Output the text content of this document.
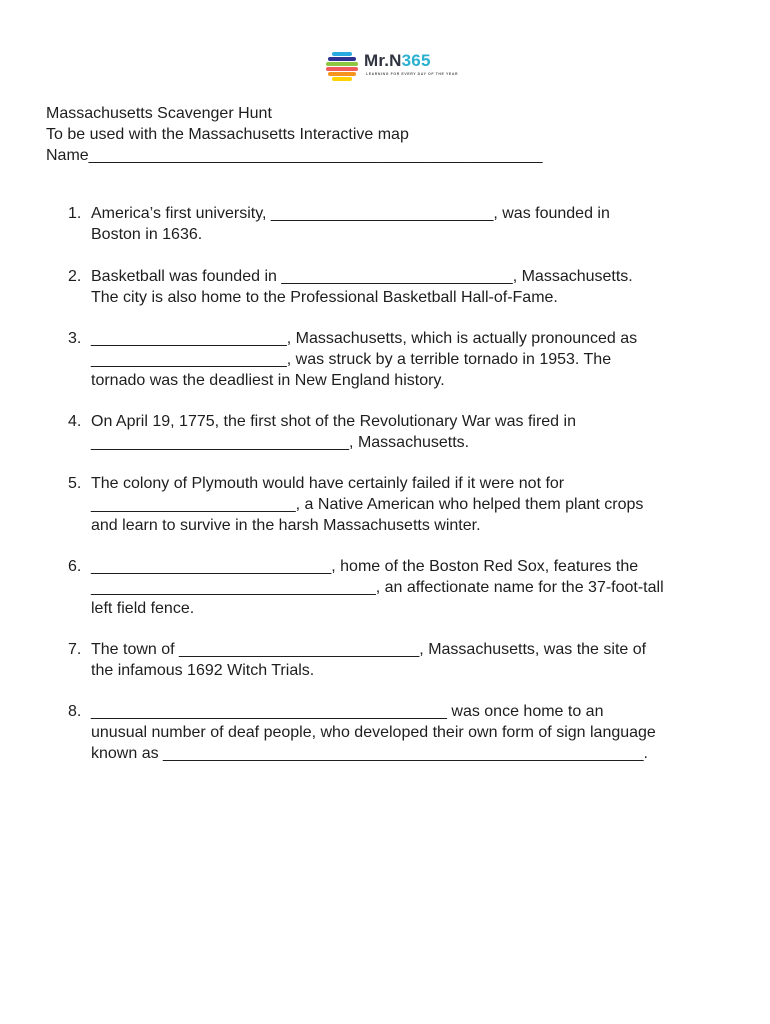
Mr.N365
LEARNING FOR EVERY DAY OF THE YEAR
Massachusetts Scavenger Hunt
To be used with the Massachusetts Interactive map
Name___________________________________________________
1. America’s first university, _________________________, was founded in
Boston in 1636.
2. Basketball was founded in __________________________, Massachusetts.
The city is also home to the Professional Basketball Hall-of-Fame.
3. ______________________, Massachusetts, which is actually pronounced as
______________________, was struck by a terrible tornado in 1953. The
tornado was the deadliest in New England history.
4. On April 19, 1775, the first shot of the Revolutionary War was fired in
_____________________________, Massachusetts.
5. The colony of Plymouth would have certainly failed if it were not for
_______________________, a Native American who helped them plant crops
and learn to survive in the harsh Massachusetts winter.
6. ___________________________, home of the Boston Red Sox, features the
________________________________, an affectionate name for the 37-foot-tall
left field fence.
7. The town of ___________________________, Massachusetts, was the site of
the infamous 1692 Witch Trials.
8. ________________________________________ was once home to an
unusual number of deaf people, who developed their own form of sign language
known as ______________________________________________________.
